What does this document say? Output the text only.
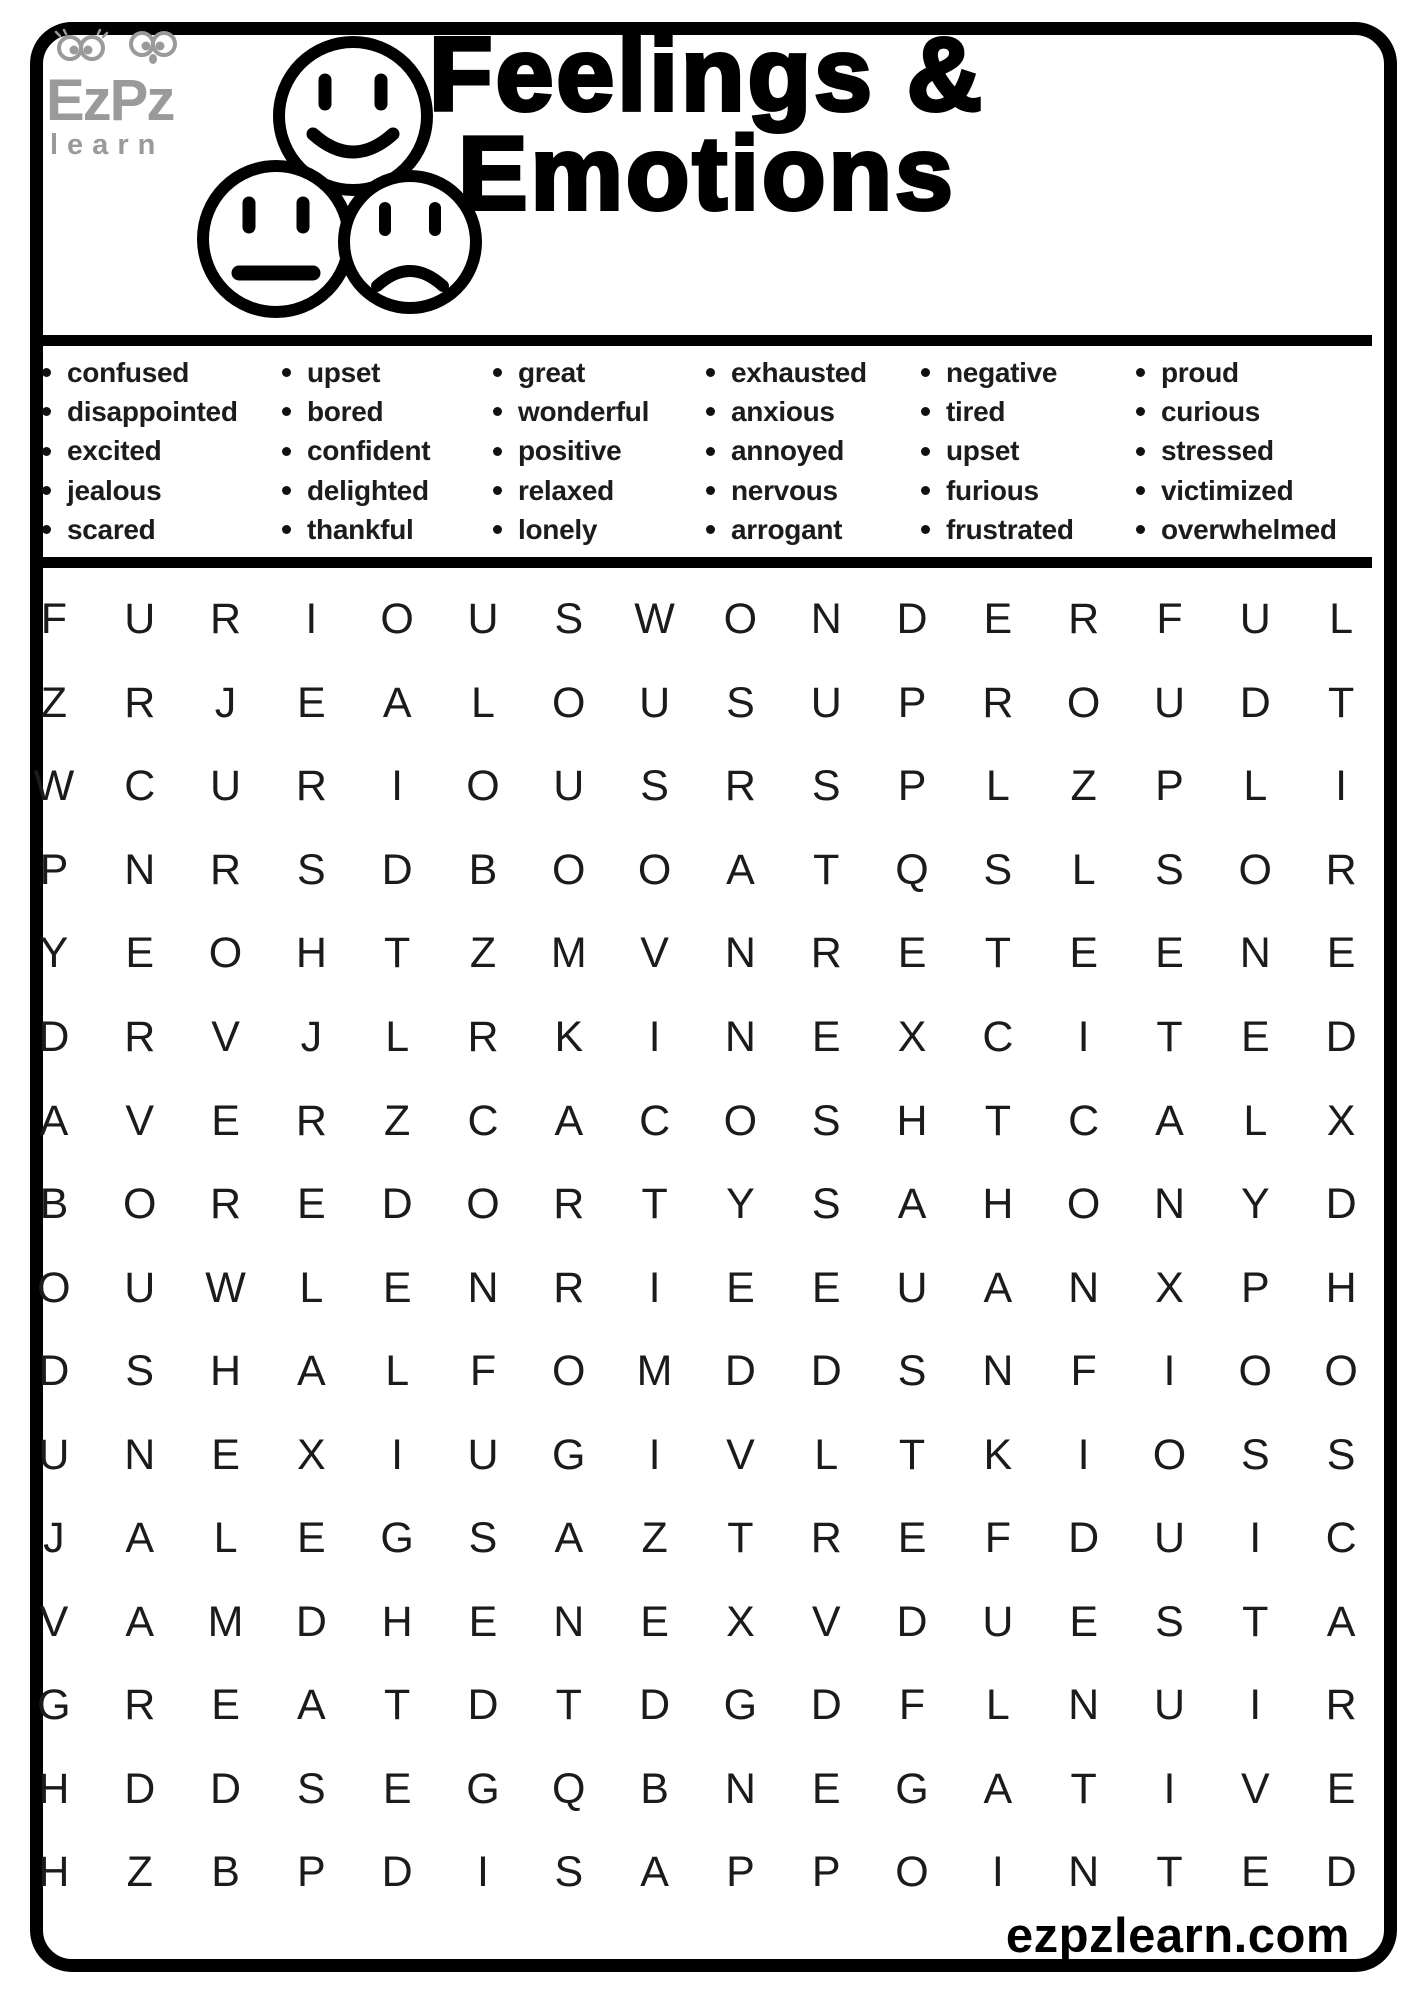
EzPz
learn
Feelings &
Emotions
confused
disappointed
excited
jealous
scared
upset
bored
confident
delighted
thankful
great
wonderful
positive
relaxed
lonely
exhausted
anxious
annoyed
nervous
arrogant
negative
tired
upset
furious
frustrated
proud
curious
stressed
victimized
overwhelmed
F	U	R	I	O	U	S	W	O	N	D	E	R	F	U	L
Z	R	J	E	A	L	O	U	S	U	P	R	O	U	D	T
W	C	U	R	I	O	U	S	R	S	P	L	Z	P	L	I
P	N	R	S	D	B	O	O	A	T	Q	S	L	S	O	R
Y	E	O	H	T	Z	M	V	N	R	E	T	E	E	N	E
D	R	V	J	L	R	K	I	N	E	X	C	I	T	E	D
A	V	E	R	Z	C	A	C	O	S	H	T	C	A	L	X
B	O	R	E	D	O	R	T	Y	S	A	H	O	N	Y	D
O	U	W	L	E	N	R	I	E	E	U	A	N	X	P	H
D	S	H	A	L	F	O	M	D	D	S	N	F	I	O	O
U	N	E	X	I	U	G	I	V	L	T	K	I	O	S	S
J	A	L	E	G	S	A	Z	T	R	E	F	D	U	I	C
V	A	M	D	H	E	N	E	X	V	D	U	E	S	T	A
G	R	E	A	T	D	T	D	G	D	F	L	N	U	I	R
H	D	D	S	E	G	Q	B	N	E	G	A	T	I	V	E
H	Z	B	P	D	I	S	A	P	P	O	I	N	T	E	D
ezpzlearn.com
